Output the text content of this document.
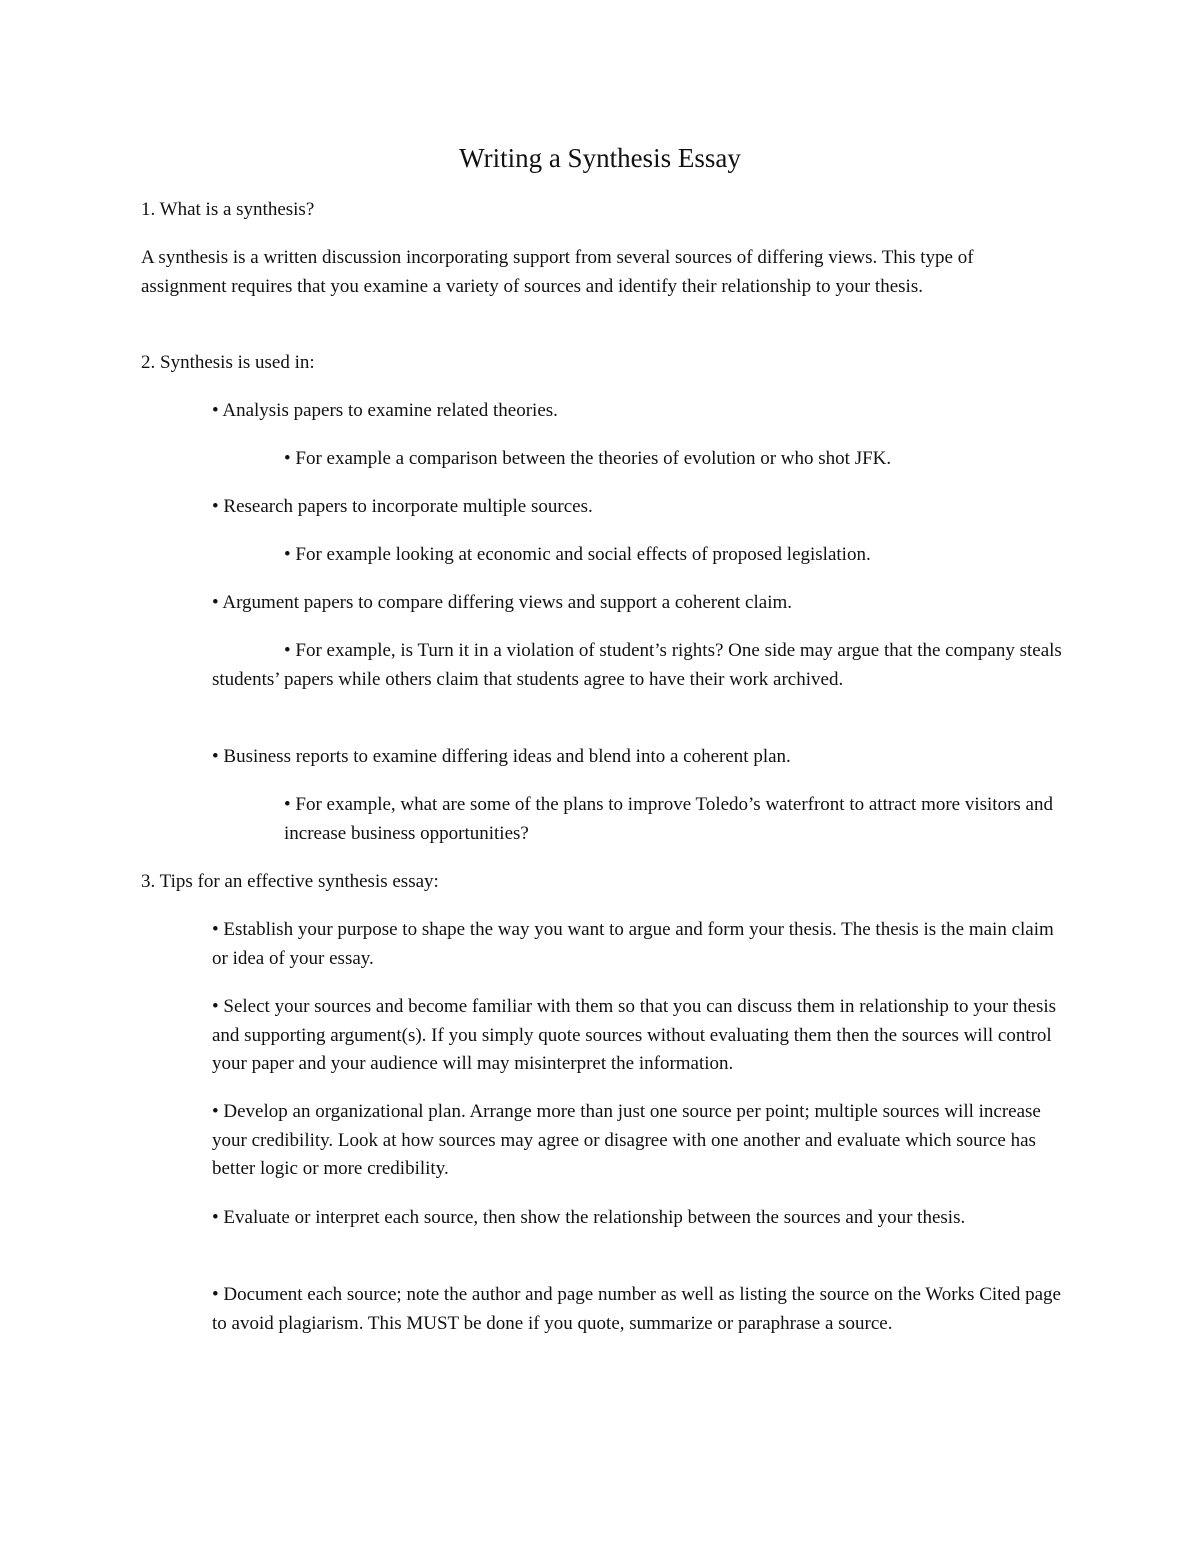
Writing a Synthesis Essay

1. What is a synthesis?

A synthesis is a written discussion incorporating support from several sources of differing views. This type of assignment requires that you examine a variety of sources and identify their relationship to your thesis.

2. Synthesis is used in:

• Analysis papers to examine related theories.

• For example a comparison between the theories of evolution or who shot JFK.

• Research papers to incorporate multiple sources.

• For example looking at economic and social effects of proposed legislation.

• Argument papers to compare differing views and support a coherent claim.

• For example, is Turn it in a violation of student’s rights? One side may argue that the company steals students’ papers while others claim that students agree to have their work archived.

• Business reports to examine differing ideas and blend into a coherent plan.

• For example, what are some of the plans to improve Toledo’s waterfront to attract more visitors and increase business opportunities?

3. Tips for an effective synthesis essay:

• Establish your purpose to shape the way you want to argue and form your thesis. The thesis is the main claim or idea of your essay.

• Select your sources and become familiar with them so that you can discuss them in relationship to your thesis and supporting argument(s). If you simply quote sources without evaluating them then the sources will control your paper and your audience will may misinterpret the information.

• Develop an organizational plan. Arrange more than just one source per point; multiple sources will increase your credibility. Look at how sources may agree or disagree with one another and evaluate which source has better logic or more credibility.

• Evaluate or interpret each source, then show the relationship between the sources and your thesis.

• Document each source; note the author and page number as well as listing the source on the Works Cited page to avoid plagiarism. This MUST be done if you quote, summarize or paraphrase a source.
